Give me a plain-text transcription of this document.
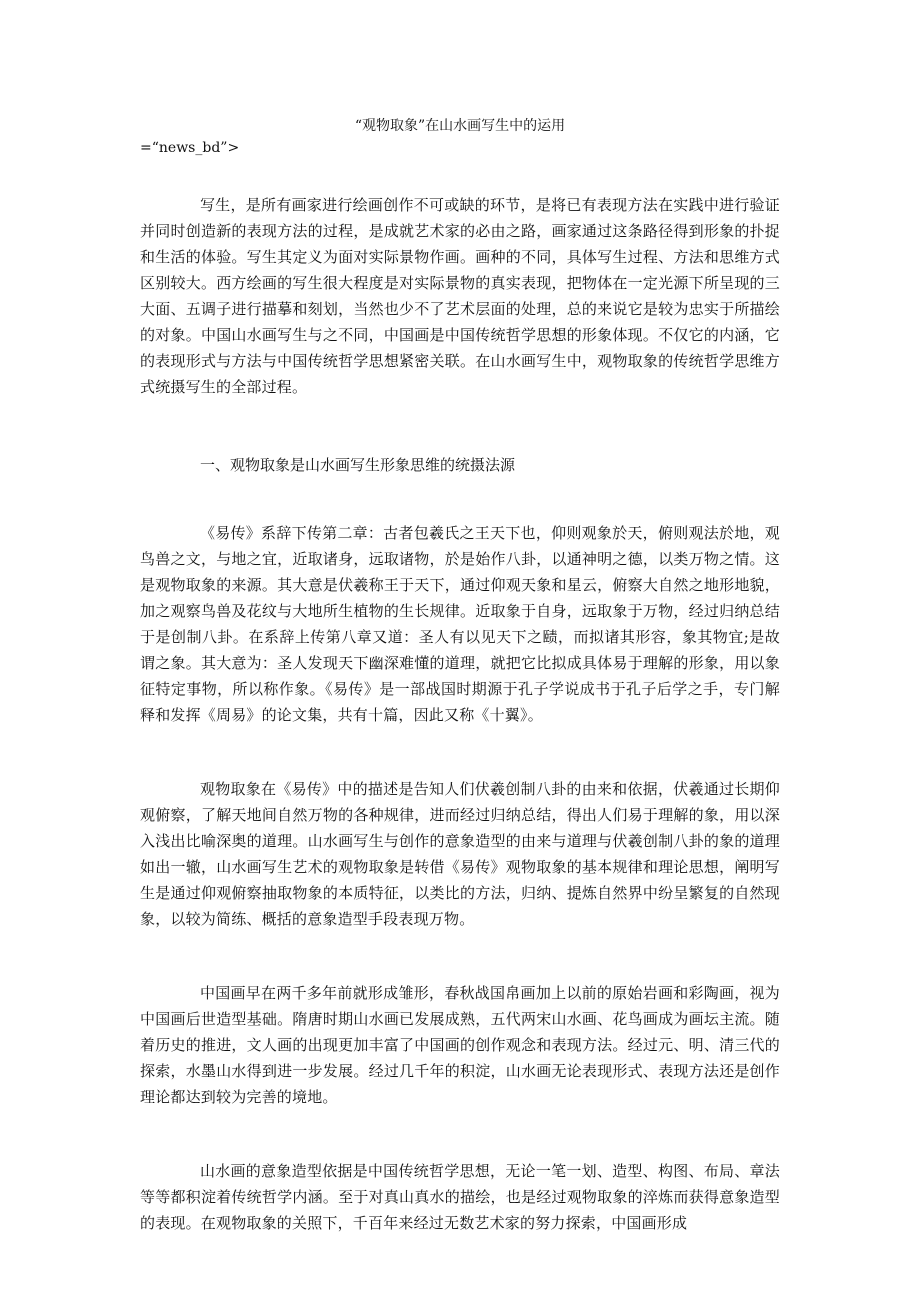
“观物取象”在山水画写生中的运用

=“news_bd”>

写生，是所有画家进行绘画创作不可或缺的环节，是将已有表现方法在实践中进行验证并同时创造新的表现方法的过程，是成就艺术家的必由之路，画家通过这条路径得到形象的扑捉和生活的体验。写生其定义为面对实际景物作画。画种的不同，具体写生过程、方法和思维方式区别较大。西方绘画的写生很大程度是对实际景物的真实表现，把物体在一定光源下所呈现的三大面、五调子进行描摹和刻划，当然也少不了艺术层面的处理，总的来说它是较为忠实于所描绘的对象。中国山水画写生与之不同，中国画是中国传统哲学思想的形象体现。不仅它的内涵，它的表现形式与方法与中国传统哲学思想紧密关联。在山水画写生中，观物取象的传统哲学思维方式统摄写生的全部过程。

一、观物取象是山水画写生形象思维的统摄法源

《易传》系辞下传第二章：古者包羲氏之王天下也，仰则观象於天，俯则观法於地，观鸟兽之文，与地之宜，近取诸身，远取诸物，於是始作八卦，以通神明之德，以类万物之情。这是观物取象的来源。其大意是伏羲称王于天下，通过仰观天象和星云，俯察大自然之地形地貌，加之观察鸟兽及花纹与大地所生植物的生长规律。近取象于自身，远取象于万物，经过归纳总结于是创制八卦。在系辞上传第八章又道：圣人有以见天下之赜，而拟诸其形容，象其物宜;是故谓之象。其大意为：圣人发现天下幽深难懂的道理，就把它比拟成具体易于理解的形象，用以象征特定事物，所以称作象。《易传》是一部战国时期源于孔子学说成书于孔子后学之手，专门解释和发挥《周易》的论文集，共有十篇，因此又称《十翼》。

观物取象在《易传》中的描述是告知人们伏羲创制八卦的由来和依据，伏羲通过长期仰观俯察，了解天地间自然万物的各种规律，进而经过归纳总结，得出人们易于理解的象，用以深入浅出比喻深奥的道理。山水画写生与创作的意象造型的由来与道理与伏羲创制八卦的象的道理如出一辙，山水画写生艺术的观物取象是转借《易传》观物取象的基本规律和理论思想，阐明写生是通过仰观俯察抽取物象的本质特征，以类比的方法，归纳、提炼自然界中纷呈繁复的自然现象，以较为简练、概括的意象造型手段表现万物。

中国画早在两千多年前就形成雏形，春秋战国帛画加上以前的原始岩画和彩陶画，视为中国画后世造型基础。隋唐时期山水画已发展成熟，五代两宋山水画、花鸟画成为画坛主流。随着历史的推进，文人画的出现更加丰富了中国画的创作观念和表现方法。经过元、明、清三代的探索，水墨山水得到进一步发展。经过几千年的积淀，山水画无论表现形式、表现方法还是创作理论都达到较为完善的境地。

山水画的意象造型依据是中国传统哲学思想，无论一笔一划、造型、构图、布局、章法等等都积淀着传统哲学内涵。至于对真山真水的描绘，也是经过观物取象的淬炼而获得意象造型的表现。在观物取象的关照下，千百年来经过无数艺术家的努力探索，中国画形成
